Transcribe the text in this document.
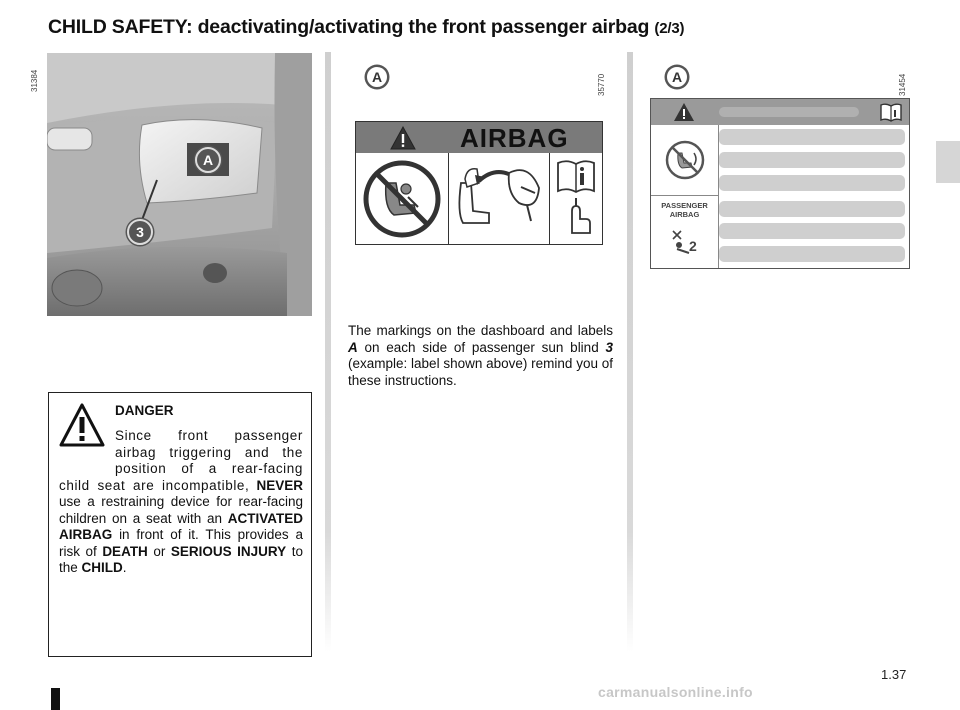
CHILD SAFETY: deactivating/activating the front passenger airbag (2/3)
31384
A
3
A	35770
AIRBAG
The markings on the dashboard and labels A on each side of passenger sun blind 3 (example: label shown above) remind you of these instructions.
A	31454
PASSENGER
AIRBAG
2
DANGER
Since front passenger airbag triggering and the position of a rear-facing child seat are incompatible, NEVER use a restraining device for rear-facing children on a seat with an ACTIVATED AIRBAG in front of it. This provides a risk of DEATH or SERIOUS INJURY to the CHILD.
1.37
carmanualsonline.info
